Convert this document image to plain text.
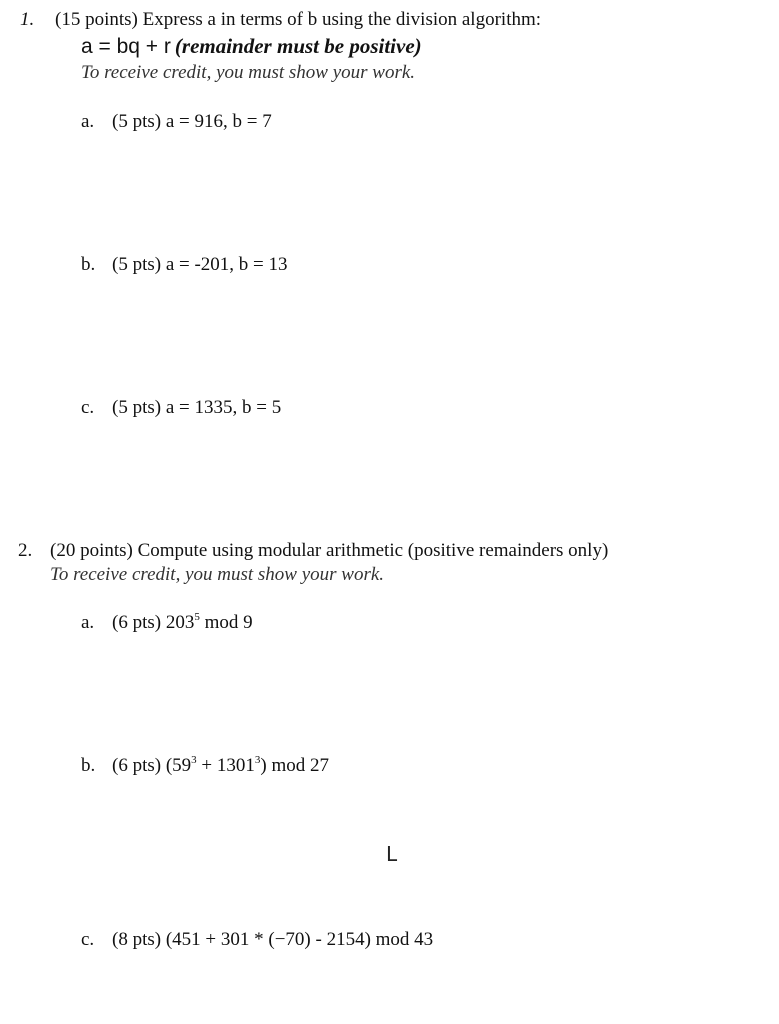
1. (15 points) Express a in terms of b using the division algorithm:
a = bq + r (remainder must be positive)
To receive credit, you must show your work.
a. (5 pts) a = 916, b = 7
b. (5 pts) a = -201, b = 13
c. (5 pts) a = 1335, b = 5
2. (20 points) Compute using modular arithmetic (positive remainders only)
To receive credit, you must show your work.
a. (6 pts) $203^5$ mod 9
b. (6 pts) $(59^3 + 1301^3)$ mod 27
L
c. (8 pts) (451 + 301 * (−70) - 2154) mod 43
